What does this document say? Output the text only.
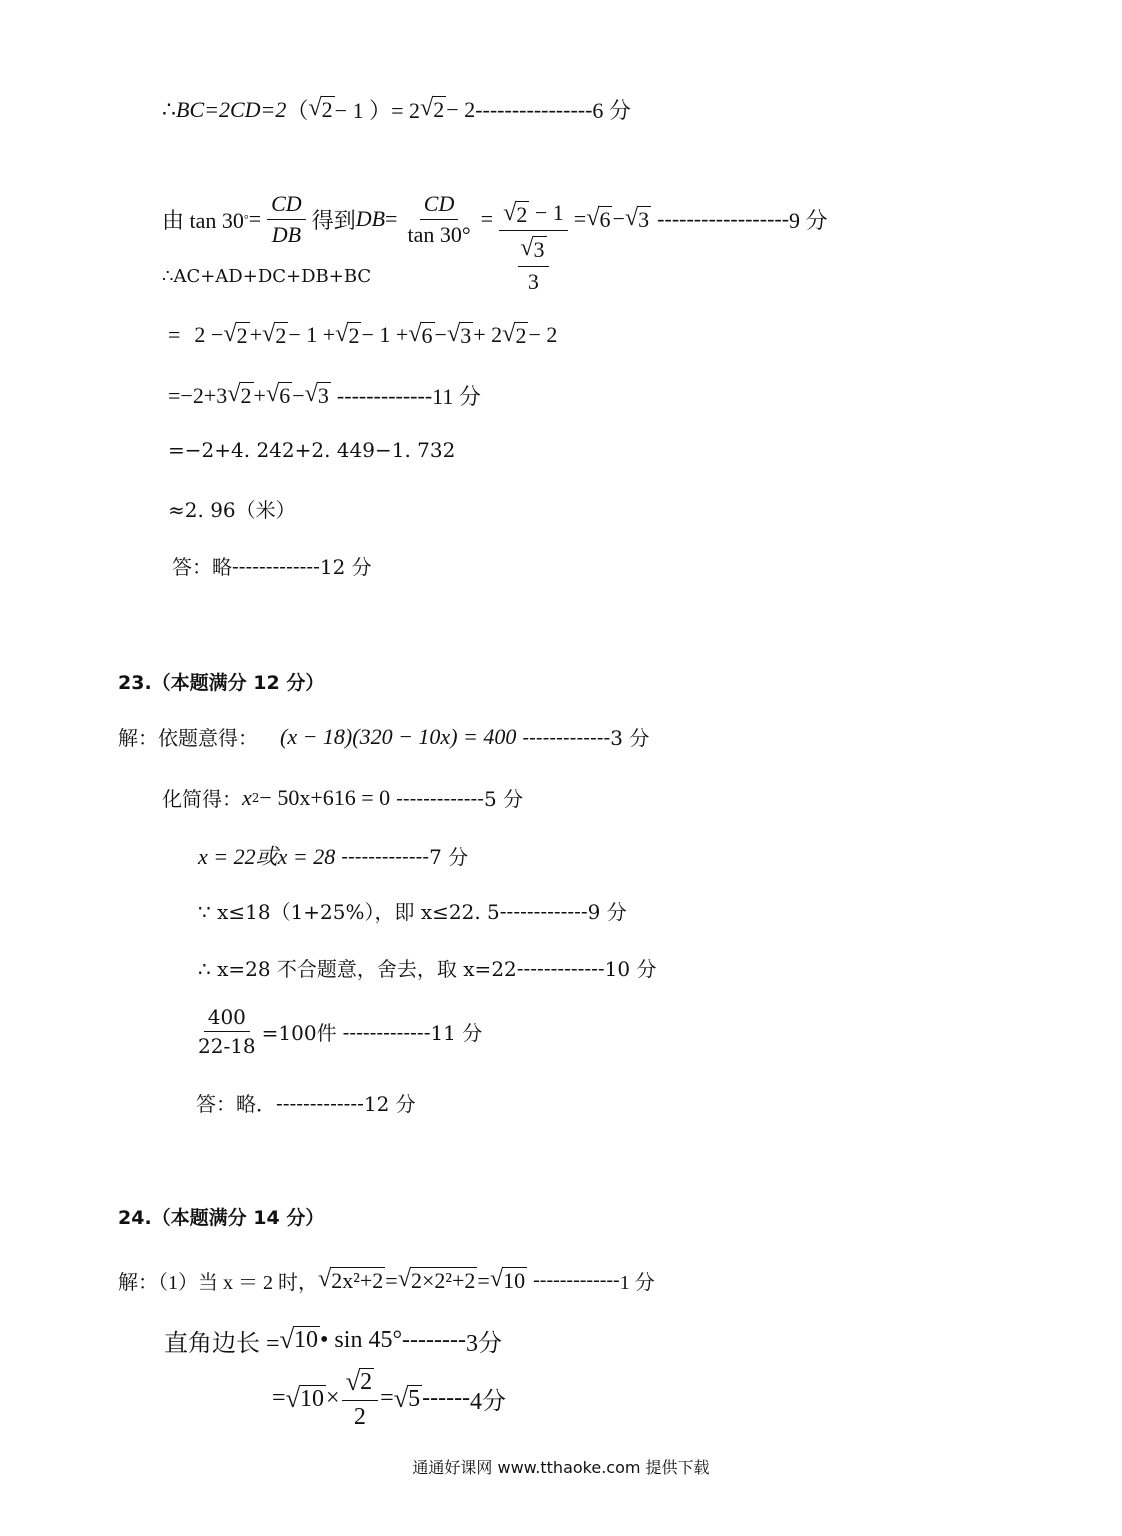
∴ BC=2CD=2 （ √ 2 − 1 ）= 2 √ 2 − 2 ---------------- 6 分
由 tan 30 ° = $\frac{CD}{DB}$ 得到 DB = $\frac{CD}{\tan 30^\circ}$ = √ 2 − 1
√ 3
3 = √ 6 − √ 3 ------------------ 9 分
∴AC+AD+DC+DB+BC
= 2 − √ 2 + √ 2 − 1 + √ 2 − 1 + √ 6 − √ 3 + 2 √ 2 − 2
=−2+3 √ 2 + √ 6 − √ 3 ------------- 11 分
=−2+4. 242+2. 449−1. 732
≈2. 96（米）
答：略 ------------- 12 分
23.（本题满分 12 分）
解：依题意得： (x − 18)(320 − 10x) = 400 ------------- 3 分
化简得： x 2 − 50x+616 = 0 ------------- 5 分
x = 22或x = 28 ------------- 7 分
∵ x≤18（1+25%），即 x≤22. 5 ------------- 9 分
∴ x=28 不合题意，舍去，取 x=22 ------------- 10 分
$\frac{400}{22-18} =100$件 ------------- 11 分
答：略． ------------- 12 分
24.（本题满分 14 分）
解：（1）当 x ＝ 2 时， √ 2x²+2 = √ 2×2²+2 = √ 10 ------------- 1 分
直角边长 = √ 10 • sin 45° -------- 3分
= √ $10 \times \frac{√ 2}{2}$ = √ 5 ------ 4分
通通好课网 www.tthaoke.com 提供下载
